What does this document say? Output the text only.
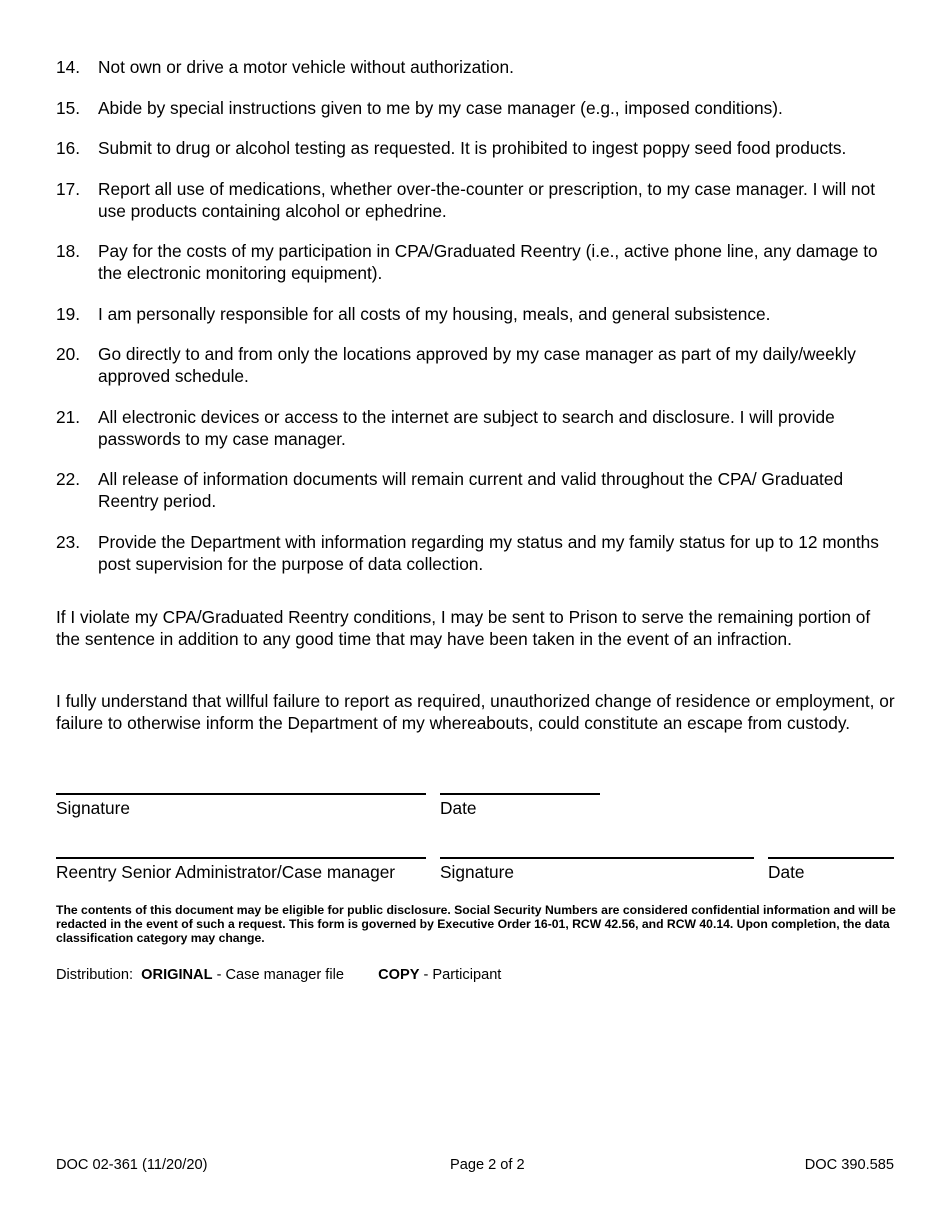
14.	Not own or drive a motor vehicle without authorization.
15.	Abide by special instructions given to me by my case manager (e.g., imposed conditions).
16.	Submit to drug or alcohol testing as requested. It is prohibited to ingest poppy seed food products.
17.	Report all use of medications, whether over-the-counter or prescription, to my case manager. I will not use products containing alcohol or ephedrine.
18.	Pay for the costs of my participation in CPA/Graduated Reentry (i.e., active phone line, any damage to the electronic monitoring equipment).
19.	I am personally responsible for all costs of my housing, meals, and general subsistence.
20.	Go directly to and from only the locations approved by my case manager as part of my daily/weekly approved schedule.
21.	All electronic devices or access to the internet are subject to search and disclosure. I will provide passwords to my case manager.
22.	All release of information documents will remain current and valid throughout the CPA/ Graduated Reentry period.
23.	Provide the Department with information regarding my status and my family status for up to 12 months post supervision for the purpose of data collection.

If I violate my CPA/Graduated Reentry conditions, I may be sent to Prison to serve the remaining portion of the sentence in addition to any good time that may have been taken in the event of an infraction.

I fully understand that willful failure to report as required, unauthorized change of residence or employment, or failure to otherwise inform the Department of my whereabouts, could constitute an escape from custody.

Signature	Date
Reentry Senior Administrator/Case manager	Signature	Date

The contents of this document may be eligible for public disclosure. Social Security Numbers are considered confidential information and will be redacted in the event of such a request. This form is governed by Executive Order 16-01, RCW 42.56, and RCW 40.14. Upon completion, the data classification category may change.

Distribution: ORIGINAL - Case manager file COPY - Participant
DOC 02-361 (11/20/20)	Page 2 of 2	DOC 390.585
